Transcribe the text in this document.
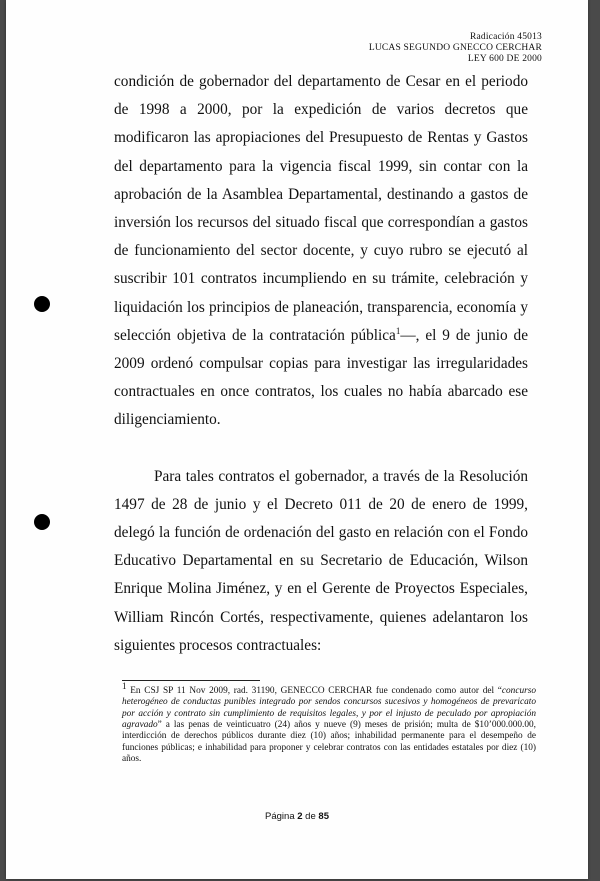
Radicación 45013
LUCAS SEGUNDO GNECCO CERCHAR
LEY 600 DE 2000

condición de gobernador del departamento de Cesar en el periodo de 1998 a 2000, por la expedición de varios decretos que modificaron las apropiaciones del Presupuesto de Rentas y Gastos del departamento para la vigencia fiscal 1999, sin contar con la aprobación de la Asamblea Departamental, destinando a gastos de inversión los recursos del situado fiscal que correspondían a gastos de funcionamiento del sector docente, y cuyo rubro se ejecutó al suscribir 101 contratos incumpliendo en su trámite, celebración y liquidación los principios de planeación, transparencia, economía y selección objetiva de la contratación pública$^1$—, el 9 de junio de 2009 ordenó compulsar copias para investigar las irregularidades contractuales en once contratos, los cuales no había abarcado ese diligenciamiento.

Para tales contratos el gobernador, a través de la Resolución 1497 de 28 de junio y el Decreto 011 de 20 de enero de 1999, delegó la función de ordenación del gasto en relación con el Fondo Educativo Departamental en su Secretario de Educación, Wilson Enrique Molina Jiménez, y en el Gerente de Proyectos Especiales, William Rincón Cortés, respectivamente, quienes adelantaron los siguientes procesos contractuales:

$^1$ En CSJ SP 11 Nov 2009, rad. 31190, GENECCO CERCHAR fue condenado como autor del “concurso heterogéneo de conductas punibles integrado por sendos concursos sucesivos y homogéneos de prevaricato por acción y contrato sin cumplimiento de requisitos legales, y por el injusto de peculado por apropiación agravado” a las penas de veinticuatro (24) años y nueve (9) meses de prisión; multa de $10’000.000.00, interdicción de derechos públicos durante diez (10) años; inhabilidad permanente para el desempeño de funciones públicas; e inhabilidad para proponer y celebrar contratos con las entidades estatales por diez (10) años.
Página 2 de 85
